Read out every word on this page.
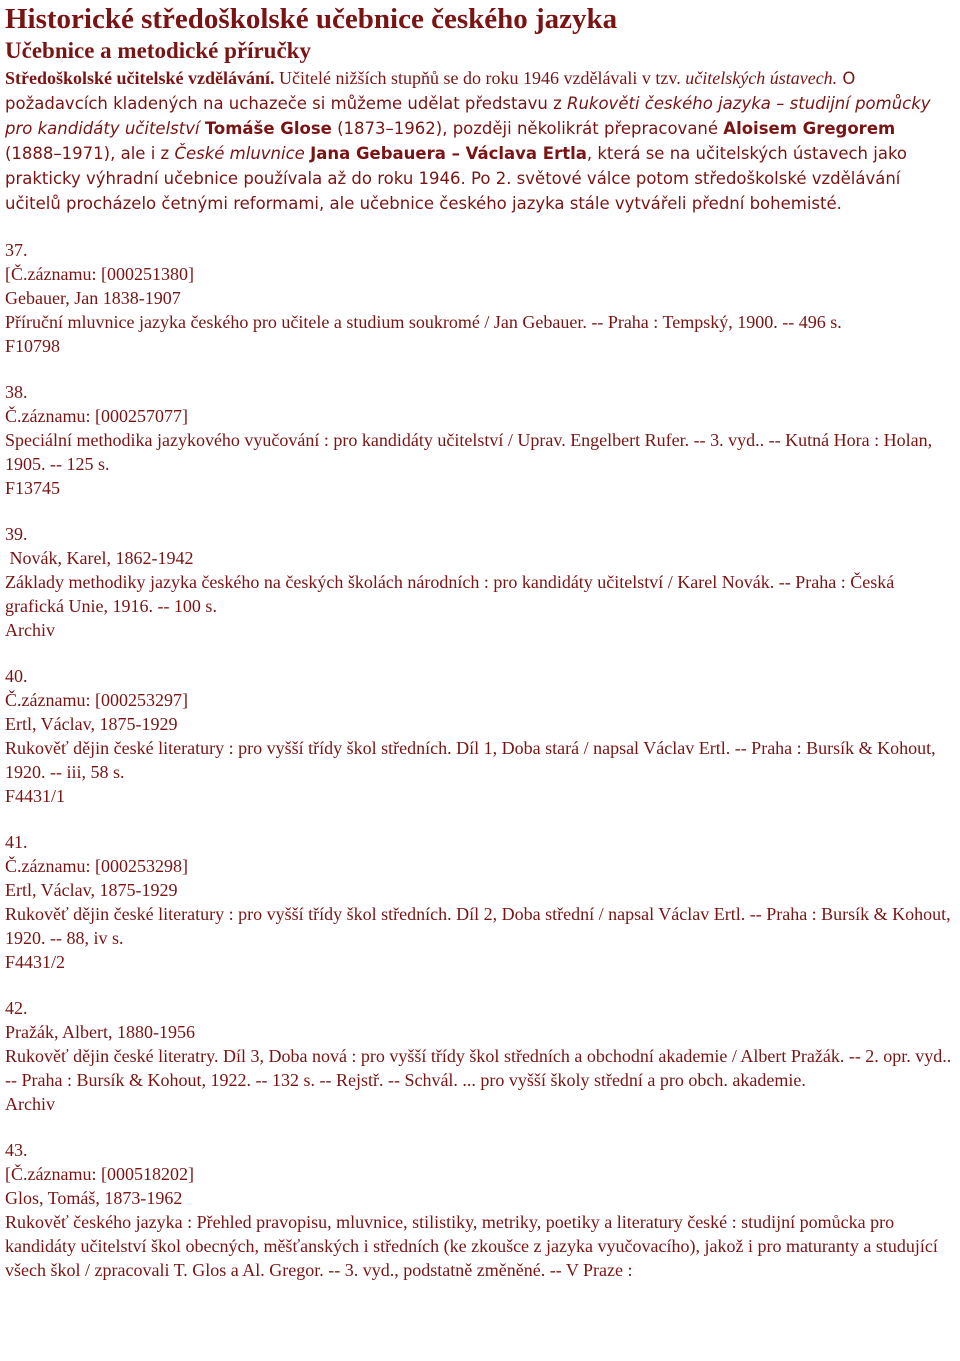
Historické středoškolské učebnice českého jazyka
Učebnice a metodické příručky

Středoškolské učitelské vzdělávání. Učitelé nižších stupňů se do roku 1946 vzdělávali v tzv. učitelských ústavech. O požadavcích kladených na uchazeče si můžeme udělat představu z Rukověti českého jazyka – studijní pomůcky pro kandidáty učitelství Tomáše Glose (1873–1962), později několikrát přepracované Aloisem Gregorem (1888–1971), ale i z České mluvnice Jana Gebauera – Václava Ertla, která se na učitelských ústavech jako prakticky výhradní učebnice používala až do roku 1946. Po 2. světové válce potom středoškolské vzdělávání učitelů procházelo četnými reformami, ale učebnice českého jazyka stále vytvářeli přední bohemisté.

37.
[Č.záznamu: [000251380]
Gebauer, Jan 1838-1907
Příruční mluvnice jazyka českého pro učitele a studium soukromé / Jan Gebauer. -- Praha : Tempský, 1900. -- 496 s.
F10798
38.
Č.záznamu: [000257077]
Speciální methodika jazykového vyučování : pro kandidáty učitelství / Uprav. Engelbert Rufer. -- 3. vyd.. -- Kutná Hora : Holan, 1905. -- 125 s.
F13745
39.
Novák, Karel, 1862-1942
Základy methodiky jazyka českého na českých školách národních : pro kandidáty učitelství / Karel Novák. -- Praha : Česká grafická Unie, 1916. -- 100 s.
Archiv
40.
Č.záznamu: [000253297]
Ertl, Václav, 1875-1929
Rukověť dějin české literatury : pro vyšší třídy škol středních. Díl 1, Doba stará / napsal Václav Ertl. -- Praha : Bursík & Kohout, 1920. -- iii, 58 s.
F4431/1
41.
Č.záznamu: [000253298]
Ertl, Václav, 1875-1929
Rukověť dějin české literatury : pro vyšší třídy škol středních. Díl 2, Doba střední / napsal Václav Ertl. -- Praha : Bursík & Kohout, 1920. -- 88, iv s.
F4431/2
42.
Pražák, Albert, 1880-1956
Rukověť dějin české literatry. Díl 3, Doba nová : pro vyšší třídy škol středních a obchodní akademie / Albert Pražák. -- 2. opr. vyd.. -- Praha : Bursík & Kohout, 1922. -- 132 s. -- Rejstř. -- Schvál. ... pro vyšší školy střední a pro obch. akademie.
Archiv
43.
[Č.záznamu: [000518202]
Glos, Tomáš, 1873-1962
Rukověť českého jazyka : Přehled pravopisu, mluvnice, stilistiky, metriky, poetiky a literatury české : studijní pomůcka pro kandidáty učitelství škol obecných, měšťanských i středních (ke zkoušce z jazyka vyučovacího), jakož i pro maturanty a studující všech škol / zpracovali T. Glos a Al. Gregor. -- 3. vyd., podstatně změněné. -- V Praze :
